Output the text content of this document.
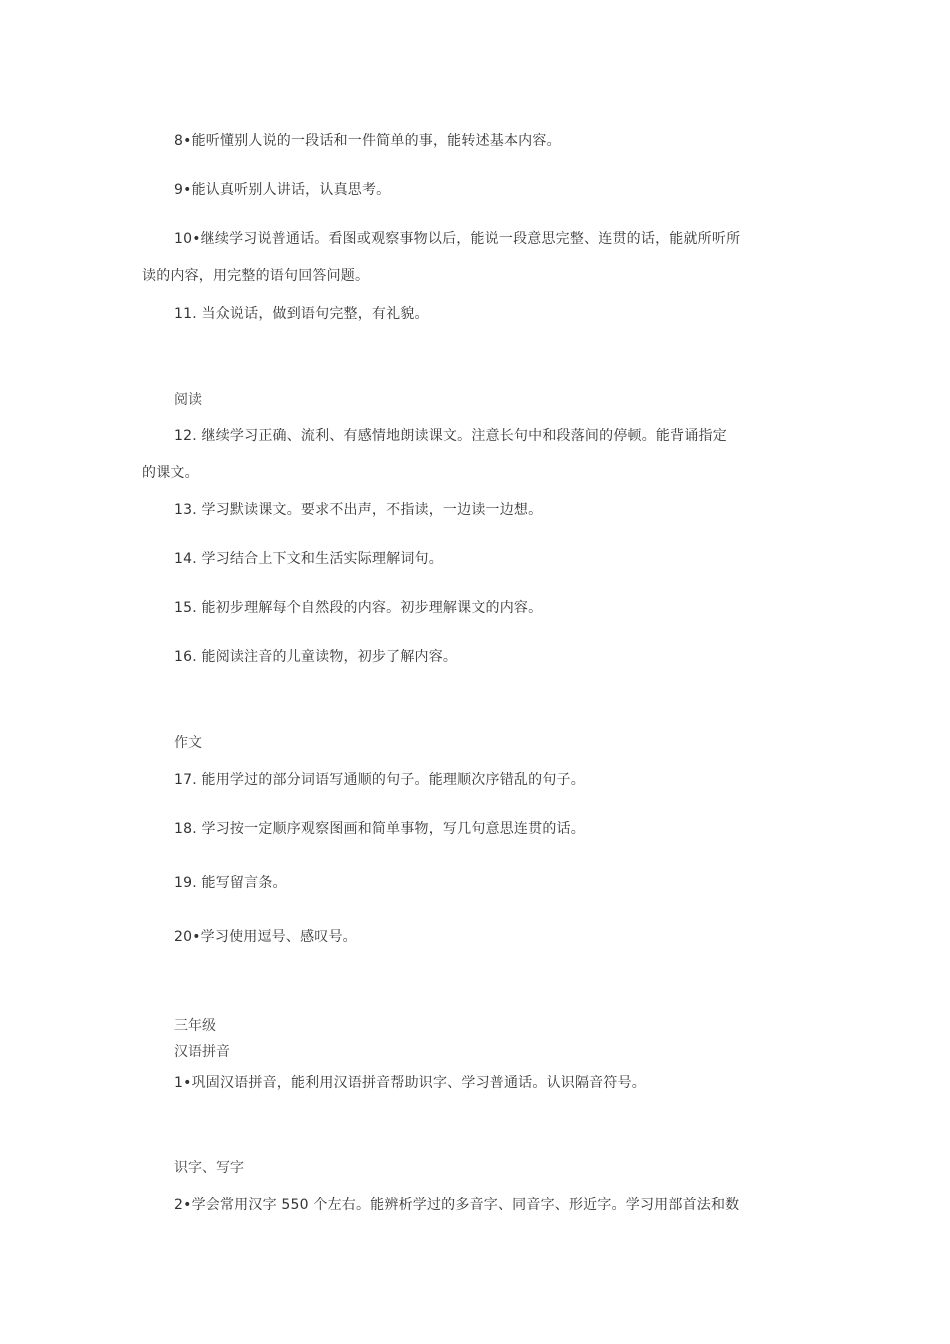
8•能听懂别人说的一段话和一件简单的事，能转述基本内容。
9•能认真听别人讲话，认真思考。
10•继续学习说普通话。看图或观察事物以后，能说一段意思完整、连贯的话，能就所听所
读的内容，用完整的语句回答问题。
11. 当众说话，做到语句完整，有礼貌。
阅读
12. 继续学习正确、流利、有感情地朗读课文。注意长句中和段落间的停顿。能背诵指定
的课文。
13. 学习默读课文。要求不出声，不指读，一边读一边想。
14. 学习结合上下文和生活实际理解词句。
15. 能初步理解每个自然段的内容。初步理解课文的内容。
16. 能阅读注音的儿童读物，初步了解内容。
作文
17. 能用学过的部分词语写通顺的句子。能理顺次序错乱的句子。
18. 学习按一定顺序观察图画和简单事物，写几句意思连贯的话。
19. 能写留言条。
20•学习使用逗号、感叹号。
三年级
汉语拼音
1•巩固汉语拼音，能利用汉语拼音帮助识字、学习普通话。认识隔音符号。
识字、写字
2•学会常用汉字 550 个左右。能辨析学过的多音字、同音字、形近字。学习用部首法和数
